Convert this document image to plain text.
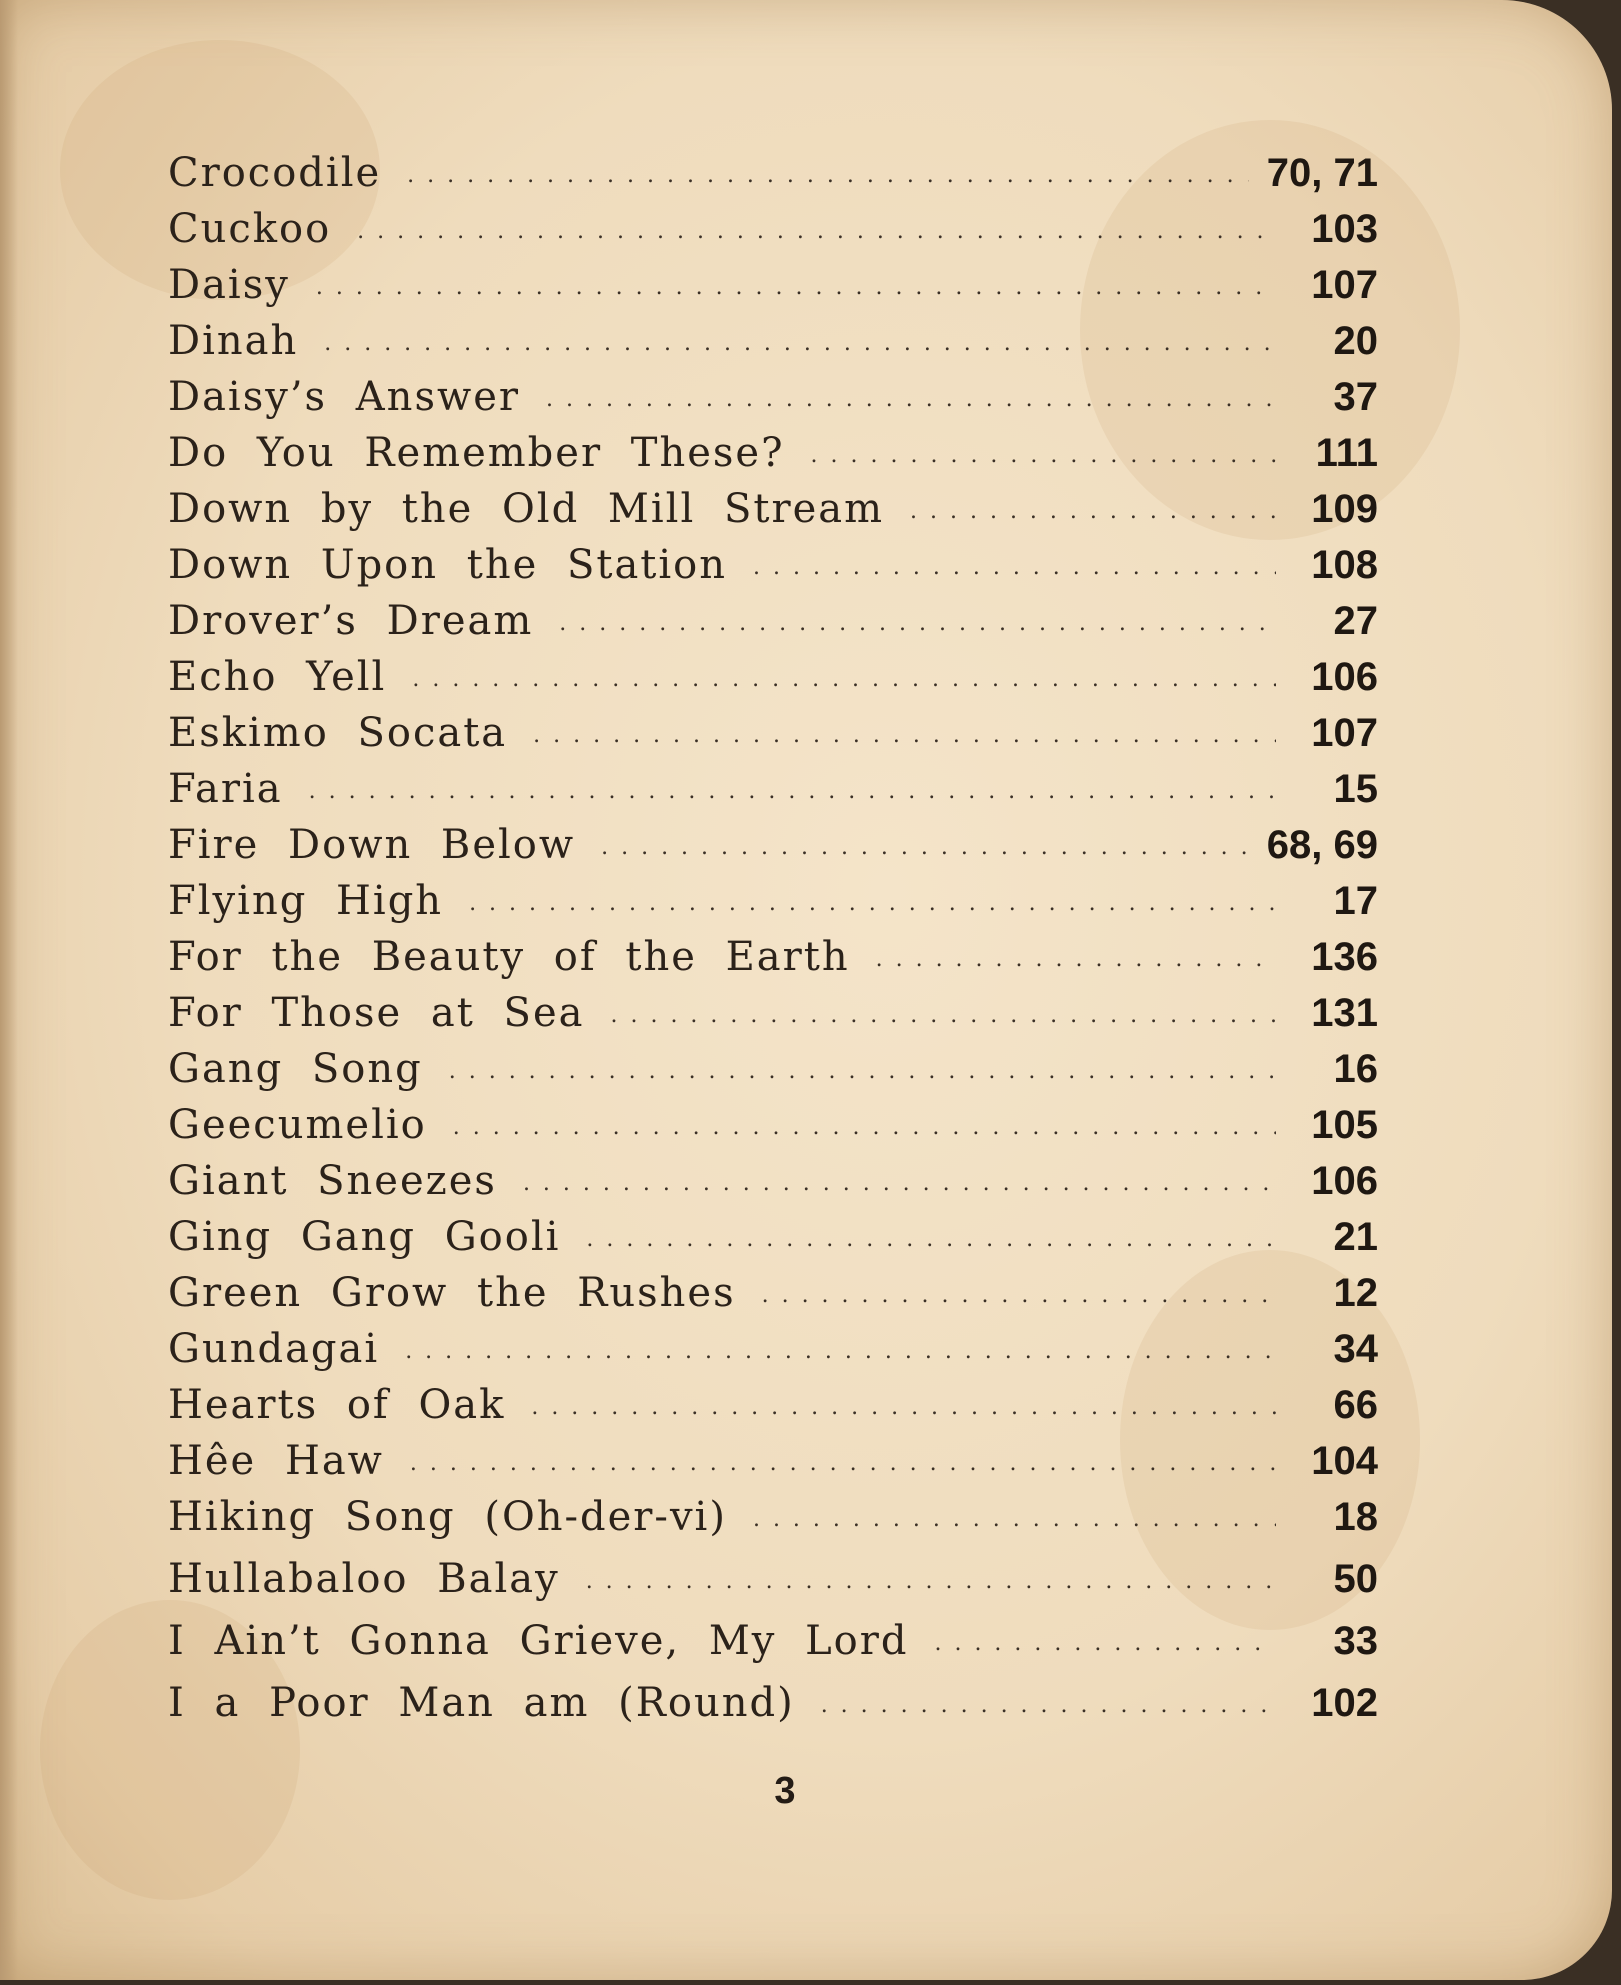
Crocodile . . .	70, 71
Cuckoo . . .	103
Daisy . . .	107
Dinah . . .	20
Daisy’s Answer . . .	37
Do You Remember These? . . .	111
Down by the Old Mill Stream . . .	109
Down Upon the Station . . .	108
Drover’s Dream . . .	27
Echo Yell . . .	106
Eskimo Socata . . .	107
Faria . . .	15
Fire Down Below . . .	68, 69
Flying High . . .	17
For the Beauty of the Earth . . .	136
For Those at Sea . . .	131
Gang Song . . .	16
Geecumelio . . .	105
Giant Sneezes . . .	106
Ging Gang Gooli . . .	21
Green Grow the Rushes . . .	12
Gundagai . . .	34
Hearts of Oak . . .	66
Hêe Haw . . .	104
Hiking Song (Oh-der-vi) . . .	18
Hullabaloo Balay . . .	50
I Ain’t Gonna Grieve, My Lord . . .	33
I a Poor Man am (Round) . . .	102
3
